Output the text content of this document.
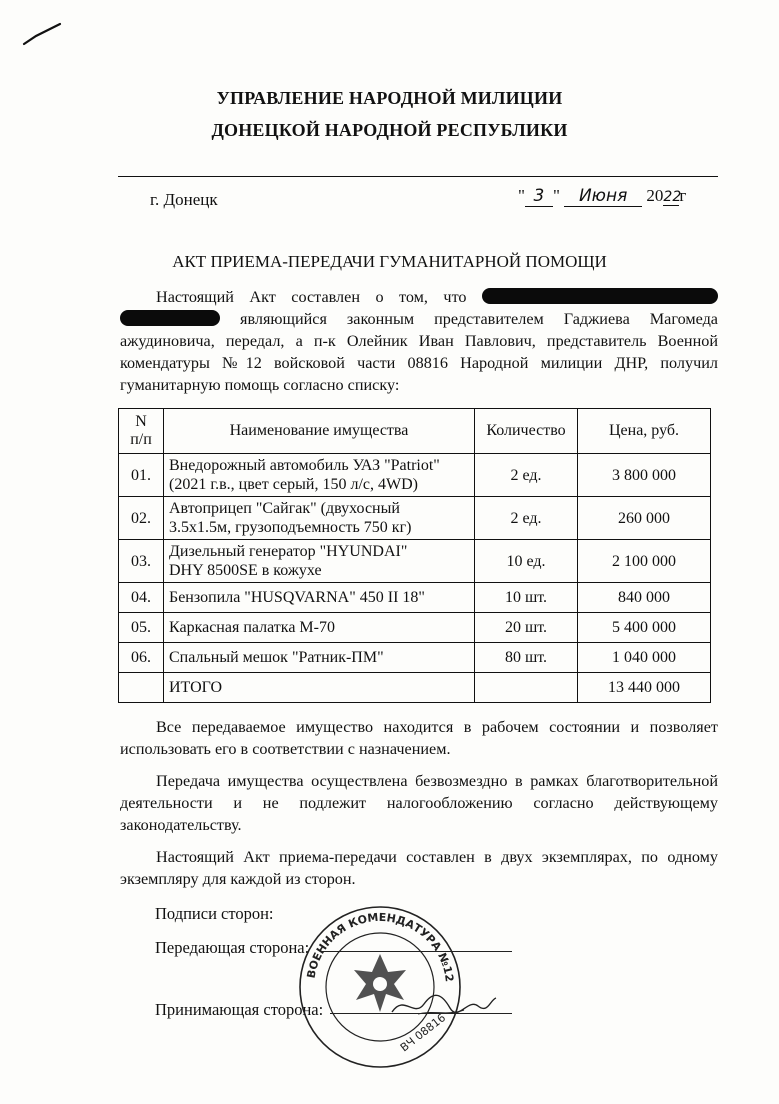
УПРАВЛЕНИЕ НАРОДНОЙ МИЛИЦИИ
ДОНЕЦКОЙ НАРОДНОЙ РЕСПУБЛИКИ
г. Донецк	" 3 " Июня 2022г
АКТ ПРИЕМА-ПЕРЕДАЧИ ГУМАНИТАРНОЙ ПОМОЩИ
Настоящий Акт составлен о том, что
являющийся законным представителем Гаджиева Магомеда
ажудиновича, передал, а п-к Олейник Иван Павлович, представитель Военной комендатуры №12 войсковой части 08816 Народной милиции ДНР, получил гуманитарную помощь согласно списку:
N
п/п	Наименование имущества	Количество	Цена, руб.
01.	Внедорожный автомобиль УАЗ "Patriot"
(2021 г.в., цвет серый, 150 л/с, 4WD)	2 ед.	3 800 000
02.	Автоприцеп "Сайгак" (двухосный
3.5x1.5м, грузоподъемность 750 кг)	2 ед.	260 000
03.	Дизельный генератор "HYUNDAI"
DHY 8500SE в кожухе	10 ед.	2 100 000
04.	Бензопила "HUSQVARNA" 450 II 18"	10 шт.	840 000
05.	Каркасная палатка М-70	20 шт.	5 400 000
06.	Спальный мешок "Ратник-ПМ"	80 шт.	1 040 000
	ИТОГО		13 440 000
Все передаваемое имущество находится в рабочем состоянии и позволяет использовать его в соответствии с назначением.
Передача имущества осуществлена безвозмездно в рамках благотворительной деятельности и не подлежит налогообложению согласно действующему законодательству.
Настоящий Акт приема-передачи составлен в двух экземплярах, по одному экземпляру для каждой из сторон.
Подписи сторон:
Передающая сторона:
Принимающая сторона:
ВОЕННАЯ КОМЕНДАТУРА №12
ВЧ 08816
